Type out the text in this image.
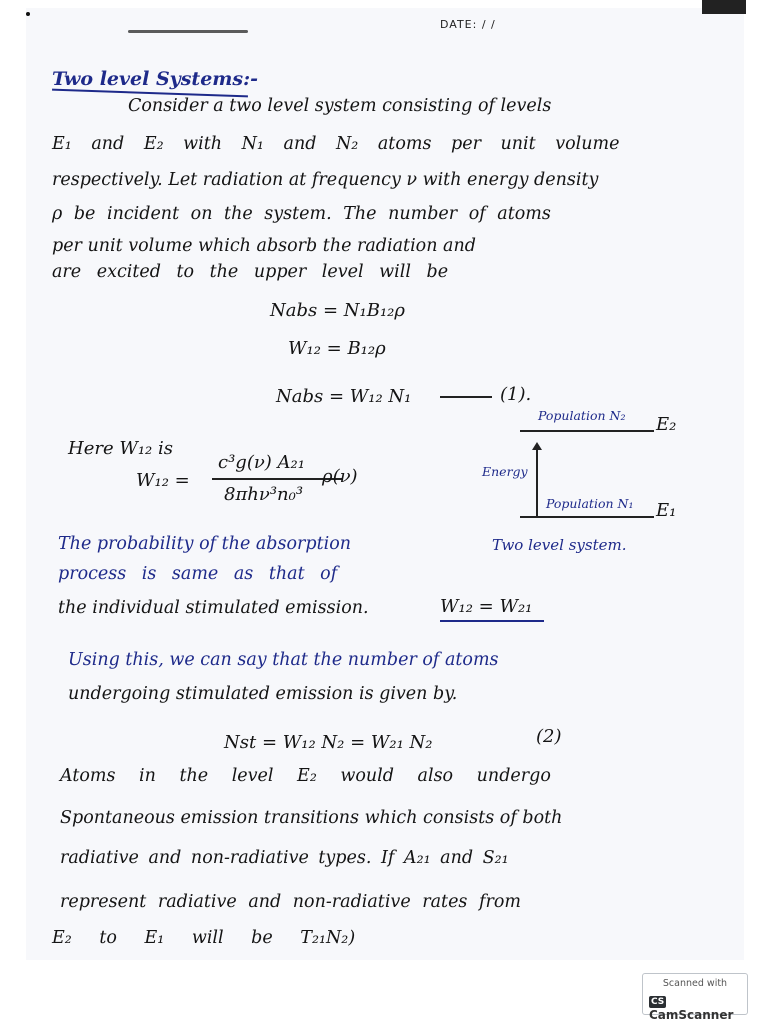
DATE: / /
Two level Systems:-
Consider a two level system consisting of levels
E₁ and E₂ with N₁ and N₂ atoms per unit volume
respectively. Let radiation at frequency ν with energy density
ρ be incident on the system. The number of atoms
per unit volume which absorb the radiation and
are excited to the upper level will be
Nabs = N₁B₁₂ρ
W₁₂ = B₁₂ρ
Nabs = W₁₂ N₁	(1).
Here W₁₂ is
W₁₂ =
c³g(ν) A₂₁
8πhν³n₀³
ρ(ν)
Population N₂ E₂
Energy
Population N₁ E₁
Two level system.
The probability of the absorption
process is same as that of
the individual stimulated emission.	W₁₂ = W₂₁
Using this, we can say that the number of atoms
undergoing stimulated emission is given by.
Nst = W₁₂ N₂ = W₂₁ N₂	(2)
Atoms in the level E₂ would also undergo
Spontaneous emission transitions which consists of both
radiative and non-radiative types. If A₂₁ and S₂₁
represent radiative and non-radiative rates from
E₂ to E₁ will be T₂₁N₂)
Scanned with
CSCamScanner
